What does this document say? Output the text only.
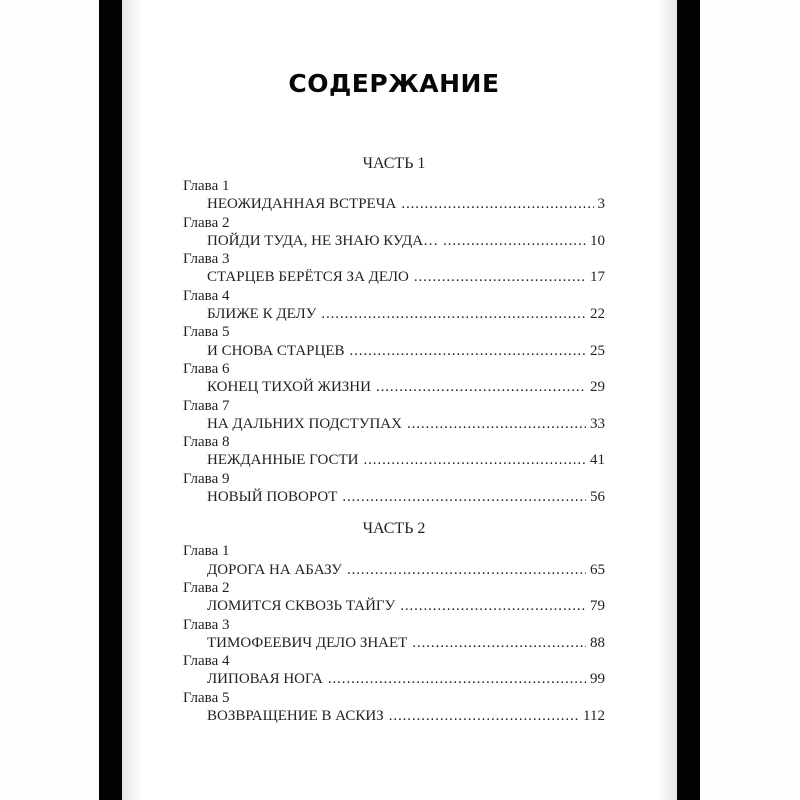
СОДЕРЖАНИЕ
ЧАСТЬ 1
Глава 1
НЕОЖИДАННАЯ ВСТРЕЧА .....	3
Глава 2
ПОЙДИ ТУДА, НЕ ЗНАЮ КУДА… .....	10
Глава 3
СТАРЦЕВ БЕРЁТСЯ ЗА ДЕЛО .....	17
Глава 4
БЛИЖЕ К ДЕЛУ .....	22
Глава 5
И СНОВА СТАРЦЕВ .....	25
Глава 6
КОНЕЦ ТИХОЙ ЖИЗНИ .....	29
Глава 7
НА ДАЛЬНИХ ПОДСТУПАХ .....	33
Глава 8
НЕЖДАННЫЕ ГОСТИ .....	41
Глава 9
НОВЫЙ ПОВОРОТ .....	56
ЧАСТЬ 2
Глава 1
ДОРОГА НА АБАЗУ .....	65
Глава 2
ЛОМИТСЯ СКВОЗЬ ТАЙГУ .....	79
Глава 3
ТИМОФЕЕВИЧ ДЕЛО ЗНАЕТ .....	88
Глава 4
ЛИПОВАЯ НОГА .....	99
Глава 5
ВОЗВРАЩЕНИЕ В АСКИЗ .....	112
